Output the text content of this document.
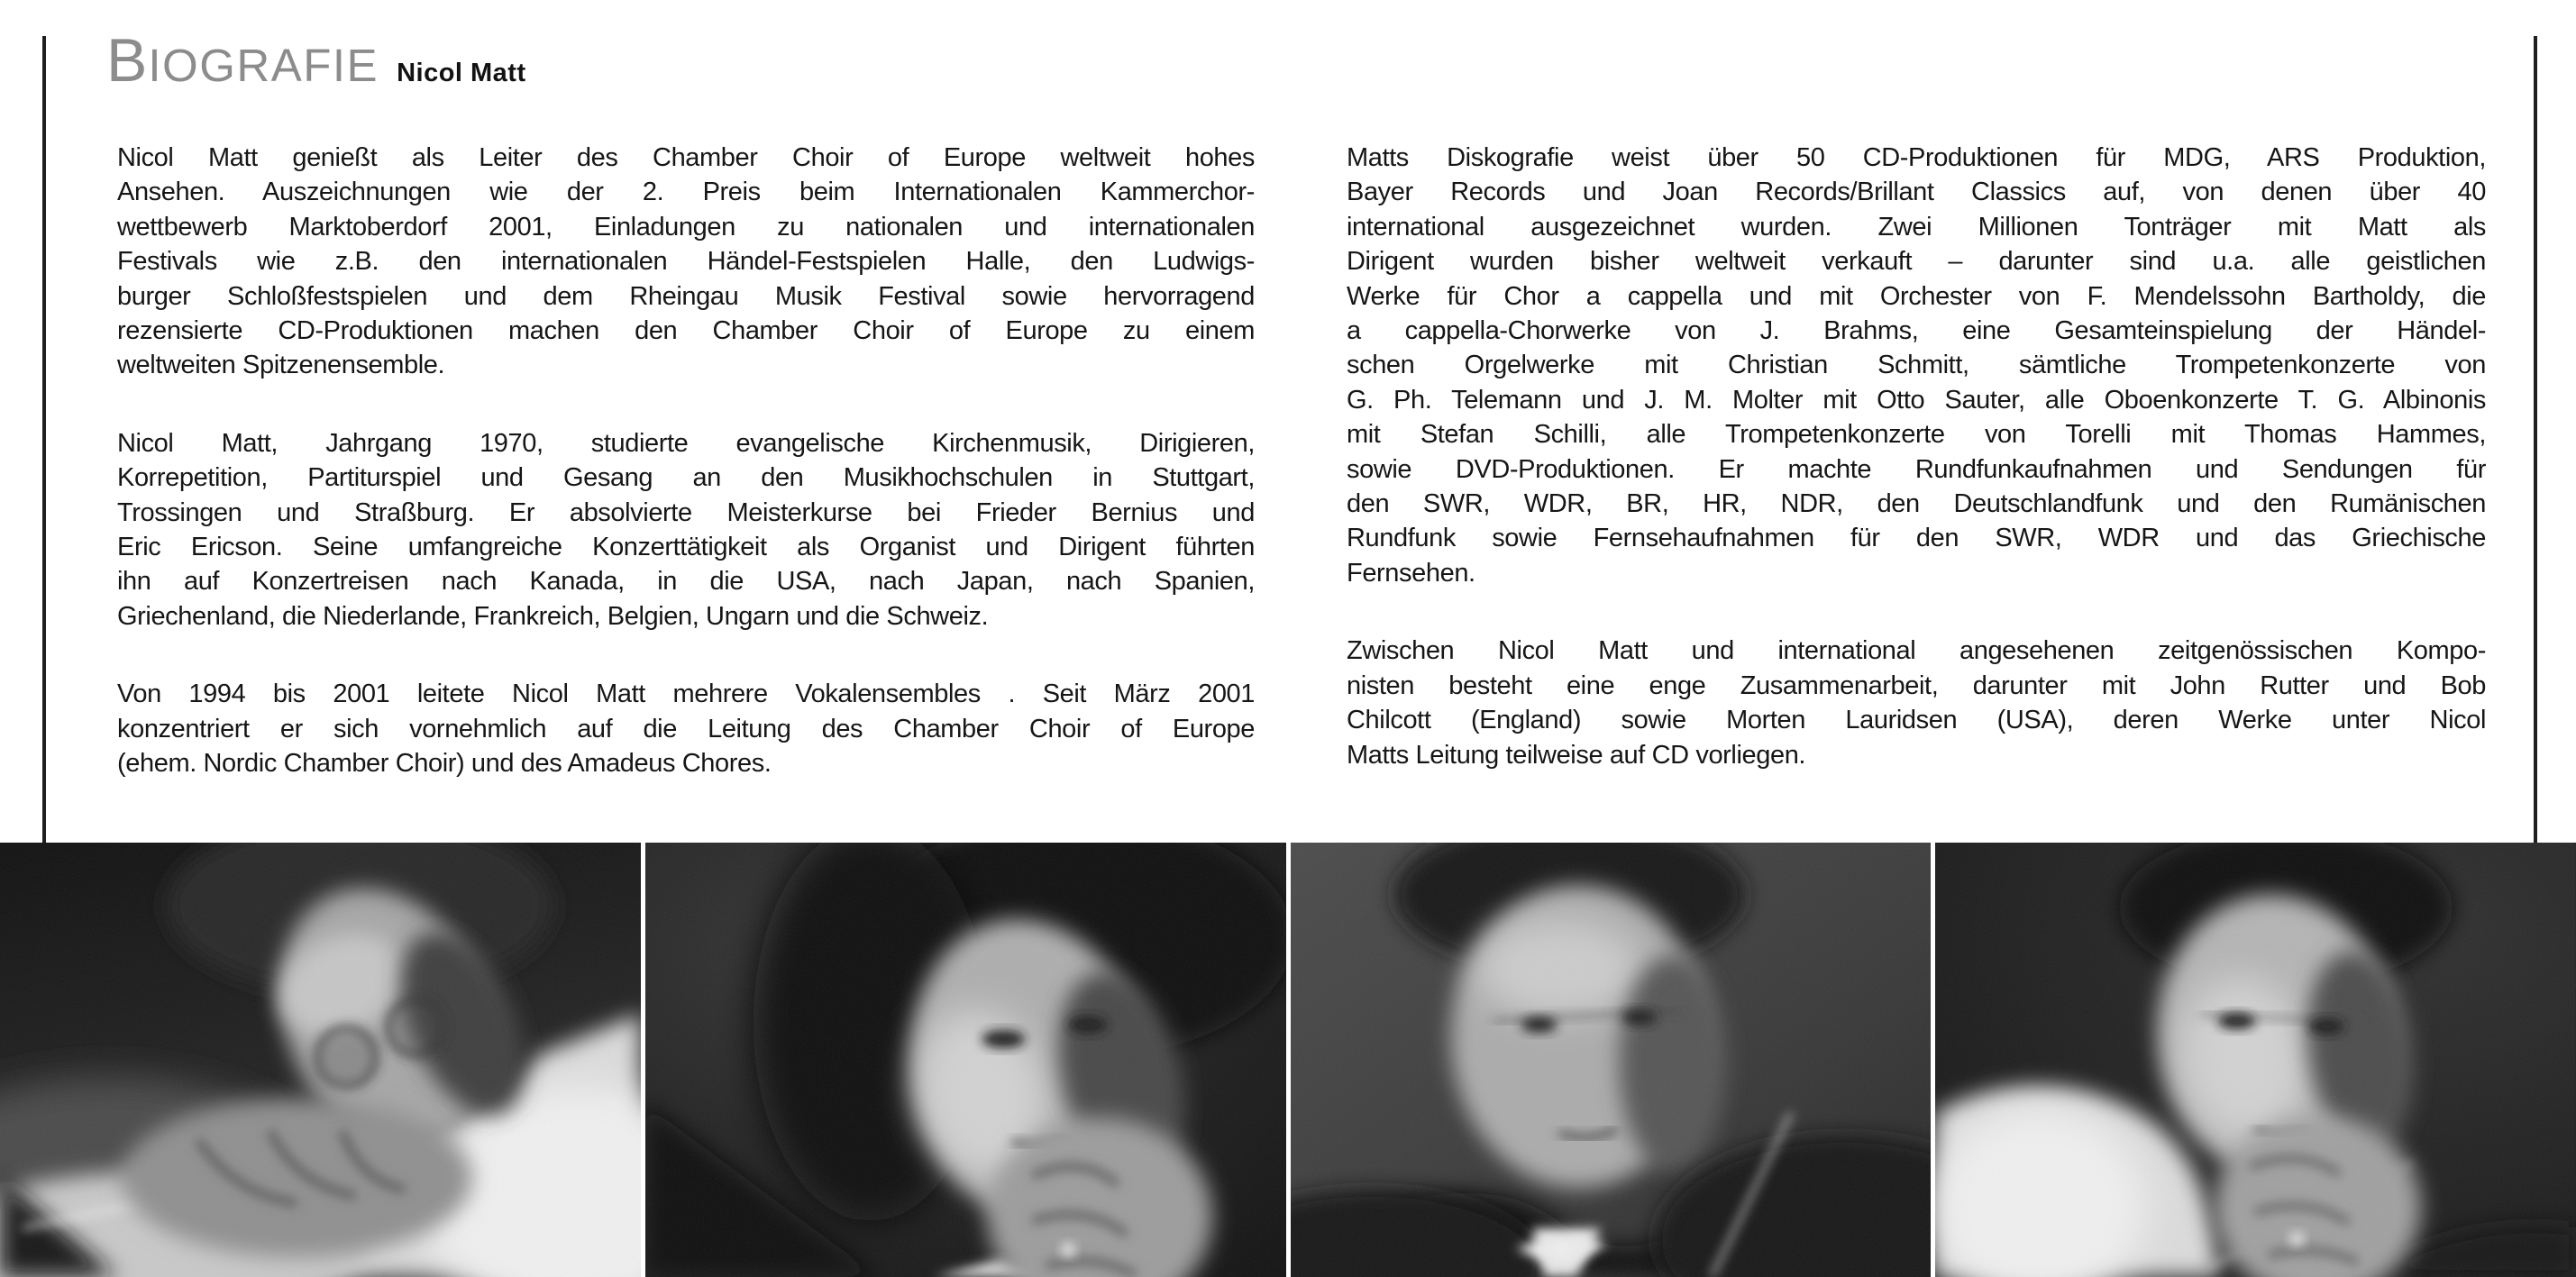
BIOGRAFIE Nicol Matt
Nicol Matt genießt als Leiter des Chamber Choir of Europe weltweit hohes
Ansehen. Auszeichnungen wie der 2. Preis beim Internationalen Kammerchor-
wettbewerb Marktoberdorf 2001, Einladungen zu nationalen und internationalen
Festivals wie z.B. den internationalen Händel-Festspielen Halle, den Ludwigs-
burger Schloßfestspielen und dem Rheingau Musik Festival sowie hervorragend
rezensierte CD-Produktionen machen den Chamber Choir of Europe zu einem
weltweiten Spitzenensemble.
Nicol Matt, Jahrgang 1970, studierte evangelische Kirchenmusik, Dirigieren,
Korrepetition, Partiturspiel und Gesang an den Musikhochschulen in Stuttgart,
Trossingen und Straßburg. Er absolvierte Meisterkurse bei Frieder Bernius und
Eric Ericson. Seine umfangreiche Konzerttätigkeit als Organist und Dirigent führten
ihn auf Konzertreisen nach Kanada, in die USA, nach Japan, nach Spanien,
Griechenland, die Niederlande, Frankreich, Belgien, Ungarn und die Schweiz.
Von 1994 bis 2001 leitete Nicol Matt mehrere Vokalensembles . Seit März 2001
konzentriert er sich vornehmlich auf die Leitung des Chamber Choir of Europe
(ehem. Nordic Chamber Choir) und des Amadeus Chores.
Matts Diskografie weist über 50 CD-Produktionen für MDG, ARS Produktion,
Bayer Records und Joan Records/Brillant Classics auf, von denen über 40
international ausgezeichnet wurden. Zwei Millionen Tonträger mit Matt als
Dirigent wurden bisher weltweit verkauft – darunter sind u.a. alle geistlichen
Werke für Chor a cappella und mit Orchester von F. Mendelssohn Bartholdy, die
a cappella-Chorwerke von J. Brahms, eine Gesamteinspielung der Händel-
schen Orgelwerke mit Christian Schmitt, sämtliche Trompetenkonzerte von
G. Ph. Telemann und J. M. Molter mit Otto Sauter, alle Oboenkonzerte T. G. Albinonis
mit Stefan Schilli, alle Trompetenkonzerte von Torelli mit Thomas Hammes,
sowie DVD-Produktionen. Er machte Rundfunkaufnahmen und Sendungen für
den SWR, WDR, BR, HR, NDR, den Deutschlandfunk und den Rumänischen
Rundfunk sowie Fernsehaufnahmen für den SWR, WDR und das Griechische
Fernsehen.
Zwischen Nicol Matt und international angesehenen zeitgenössischen Kompo-
nisten besteht eine enge Zusammenarbeit, darunter mit John Rutter und Bob
Chilcott (England) sowie Morten Lauridsen (USA), deren Werke unter Nicol
Matts Leitung teilweise auf CD vorliegen.
